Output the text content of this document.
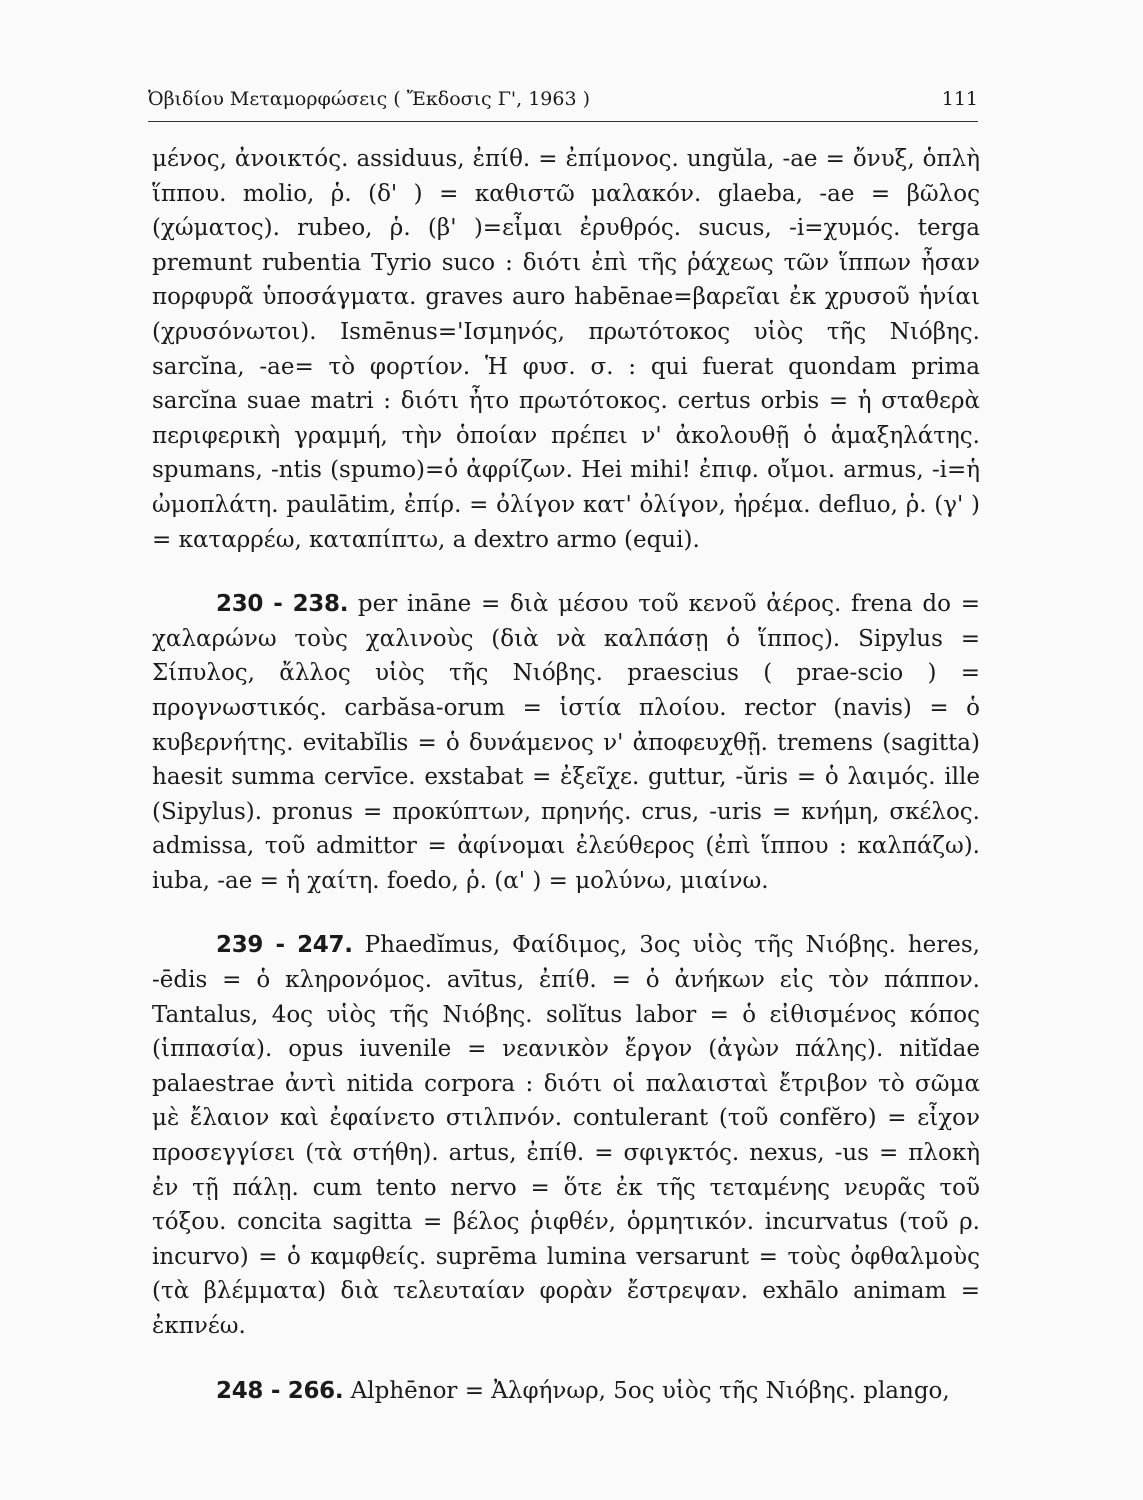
Ὀβιδίου Μεταμορφώσεις ( Ἔκδοσις Γ', 1963 )	111

μένος, ἀνοικτός. assiduus, ἐπίθ. = ἐπίμονος. ungŭla, -ae = ὄνυξ, ὁπλὴ ἵππου. molio, ῥ. (δ' ) = καθιστῶ μαλακόν. glaeba, -ae = βῶλος (χώματος). rubeo, ῥ. (β' )=εἶμαι ἐρυθρός. sucus, -i=χυμός. terga premunt rubentia Tyrio suco : διότι ἐπὶ τῆς ῥάχεως τῶν ἵππων ἦσαν πορφυρᾶ ὑποσάγματα. graves auro habēnae=βαρεῖαι ἐκ χρυσοῦ ἡνίαι (χρυσόνωτοι). Ismēnus='Ισμηνός, πρωτότοκος υἱὸς τῆς Νιόβης. sarcĭna, -ae= τὸ φορτίον. Ἡ φυσ. σ. : qui fuerat quondam prima sarcĭna suae matri : διότι ἦτο πρωτότοκος. certus orbis = ἡ σταθερὰ περιφερικὴ γραμμή, τὴν ὁποίαν πρέπει ν' ἀκολουθῇ ὁ ἁμαξηλάτης. spumans, -ntis (spumo)=ὁ ἀφρίζων. Hei mihi! ἐπιφ. οἴμοι. armus, -i=ἡ ὠμοπλάτη. paulātim, ἐπίρ. = ὀλίγον κατ' ὀλίγον, ἠρέμα. defluo, ῥ. (γ' ) = καταρρέω, καταπίπτω, a dextro armo (equi).

230 - 238. per ināne = διὰ μέσου τοῦ κενοῦ ἀέρος. frena do = χαλαρώνω τοὺς χαλινοὺς (διὰ νὰ καλπάσῃ ὁ ἵππος). Sipylus = Σίπυλος, ἄλλος υἱὸς τῆς Νιόβης. praescius ( prae-scio ) = προγνωστικός. carbăsa-orum = ἱστία πλοίου. rector (navis) = ὁ κυβερνήτης. evitabĭlis = ὁ δυνάμενος ν' ἀποφευχθῇ. tremens (sagitta) haesit summa cervīce. exstabat = ἐξεῖχε. guttur, -ŭris = ὁ λαιμός. ille (Sipylus). pronus = προκύπτων, πρηνής. crus, -uris = κνήμη, σκέλος. admissa, τοῦ admittor = ἀφίνομαι ἐλεύθερος (ἐπὶ ἵππου : καλπάζω). iuba, -ae = ἡ χαίτη. foedo, ῥ. (α' ) = μολύνω, μιαίνω.

239 - 247. Phaedĭmus, Φαίδιμος, 3ος υἱὸς τῆς Νιόβης. heres, -ēdis = ὁ κληρονόμος. avītus, ἐπίθ. = ὁ ἀνήκων εἰς τὸν πάππον. Tantalus, 4ος υἱὸς τῆς Νιόβης. solĭtus labor = ὁ εἰθισμένος κόπος (ἱππασία). opus iuvenile = νεανικὸν ἔργον (ἀγὼν πάλης). nitĭdae palaestrae ἀντὶ nitida corpora : διότι οἱ παλαισταὶ ἔτριβον τὸ σῶμα μὲ ἔλαιον καὶ ἐφαίνετο στιλπνόν. contulerant (τοῦ confĕro) = εἶχον προσεγγίσει (τὰ στήθη). artus, ἐπίθ. = σφιγκτός. nexus, -us = πλοκὴ ἐν τῇ πάλῃ. cum tento nervo = ὅτε ἐκ τῆς τεταμένης νευρᾶς τοῦ τόξου. concita sagitta = βέλος ῥιφθέν, ὁρμητικόν. incurvatus (τοῦ ρ. incurvo) = ὁ καμφθείς. suprēma lumina versarunt = τοὺς ὀφθαλμοὺς (τὰ βλέμματα) διὰ τελευταίαν φορὰν ἔστρεψαν. exhālo animam = ἐκπνέω.

248 - 266. Alphēnor = Ἀλφήνωρ, 5ος υἱὸς τῆς Νιόβης. plango,
